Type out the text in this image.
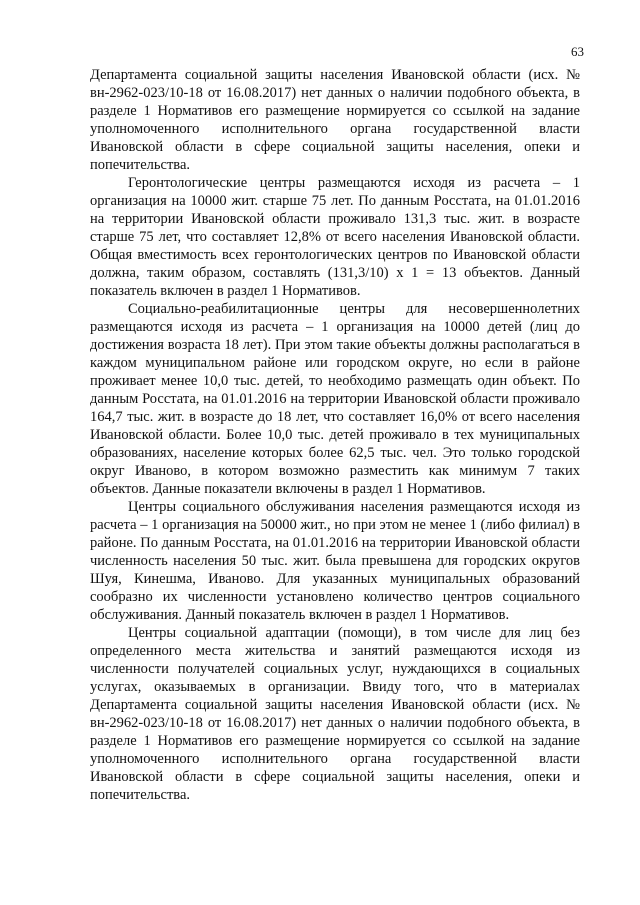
63

Департамента социальной защиты населения Ивановской области (исх. № вн-2962-023/10-18 от 16.08.2017) нет данных о наличии подобного объекта, в разделе 1 Нормативов его размещение нормируется со ссылкой на задание уполномоченного исполнительного органа государственной власти Ивановской области в сфере социальной защиты населения, опеки и попечительства.

Геронтологические центры размещаются исходя из расчета – 1 организация на 10000 жит. старше 75 лет. По данным Росстата, на 01.01.2016 на территории Ивановской области проживало 131,3 тыс. жит. в возрасте старше 75 лет, что составляет 12,8% от всего населения Ивановской области. Общая вместимость всех геронтологических центров по Ивановской области должна, таким образом, составлять (131,3/10) x 1 = 13 объектов. Данный показатель включен в раздел 1 Нормативов.

Социально-реабилитационные центры для несовершеннолетних размещаются исходя из расчета – 1 организация на 10000 детей (лиц до достижения возраста 18 лет). При этом такие объекты должны располагаться в каждом муниципальном районе или городском округе, но если в районе проживает менее 10,0 тыс. детей, то необходимо размещать один объект. По данным Росстата, на 01.01.2016 на территории Ивановской области проживало 164,7 тыс. жит. в возрасте до 18 лет, что составляет 16,0% от всего населения Ивановской области. Более 10,0 тыс. детей проживало в тех муниципальных образованиях, население которых более 62,5 тыс. чел. Это только городской округ Иваново, в котором возможно разместить как минимум 7 таких объектов. Данные показатели включены в раздел 1 Нормативов.

Центры социального обслуживания населения размещаются исходя из расчета – 1 организация на 50000 жит., но при этом не менее 1 (либо филиал) в районе. По данным Росстата, на 01.01.2016 на территории Ивановской области численность населения 50 тыс. жит. была превышена для городских округов Шуя, Кинешма, Иваново. Для указанных муниципальных образований сообразно их численности установлено количество центров социального обслуживания. Данный показатель включен в раздел 1 Нормативов.

Центры социальной адаптации (помощи), в том числе для лиц без определенного места жительства и занятий размещаются исходя из численности получателей социальных услуг, нуждающихся в социальных услугах, оказываемых в организации. Ввиду того, что в материалах Департамента социальной защиты населения Ивановской области (исх. № вн-2962-023/10-18 от 16.08.2017) нет данных о наличии подобного объекта, в разделе 1 Нормативов его размещение нормируется со ссылкой на задание уполномоченного исполнительного органа государственной власти Ивановской области в сфере социальной защиты населения, опеки и попечительства.
